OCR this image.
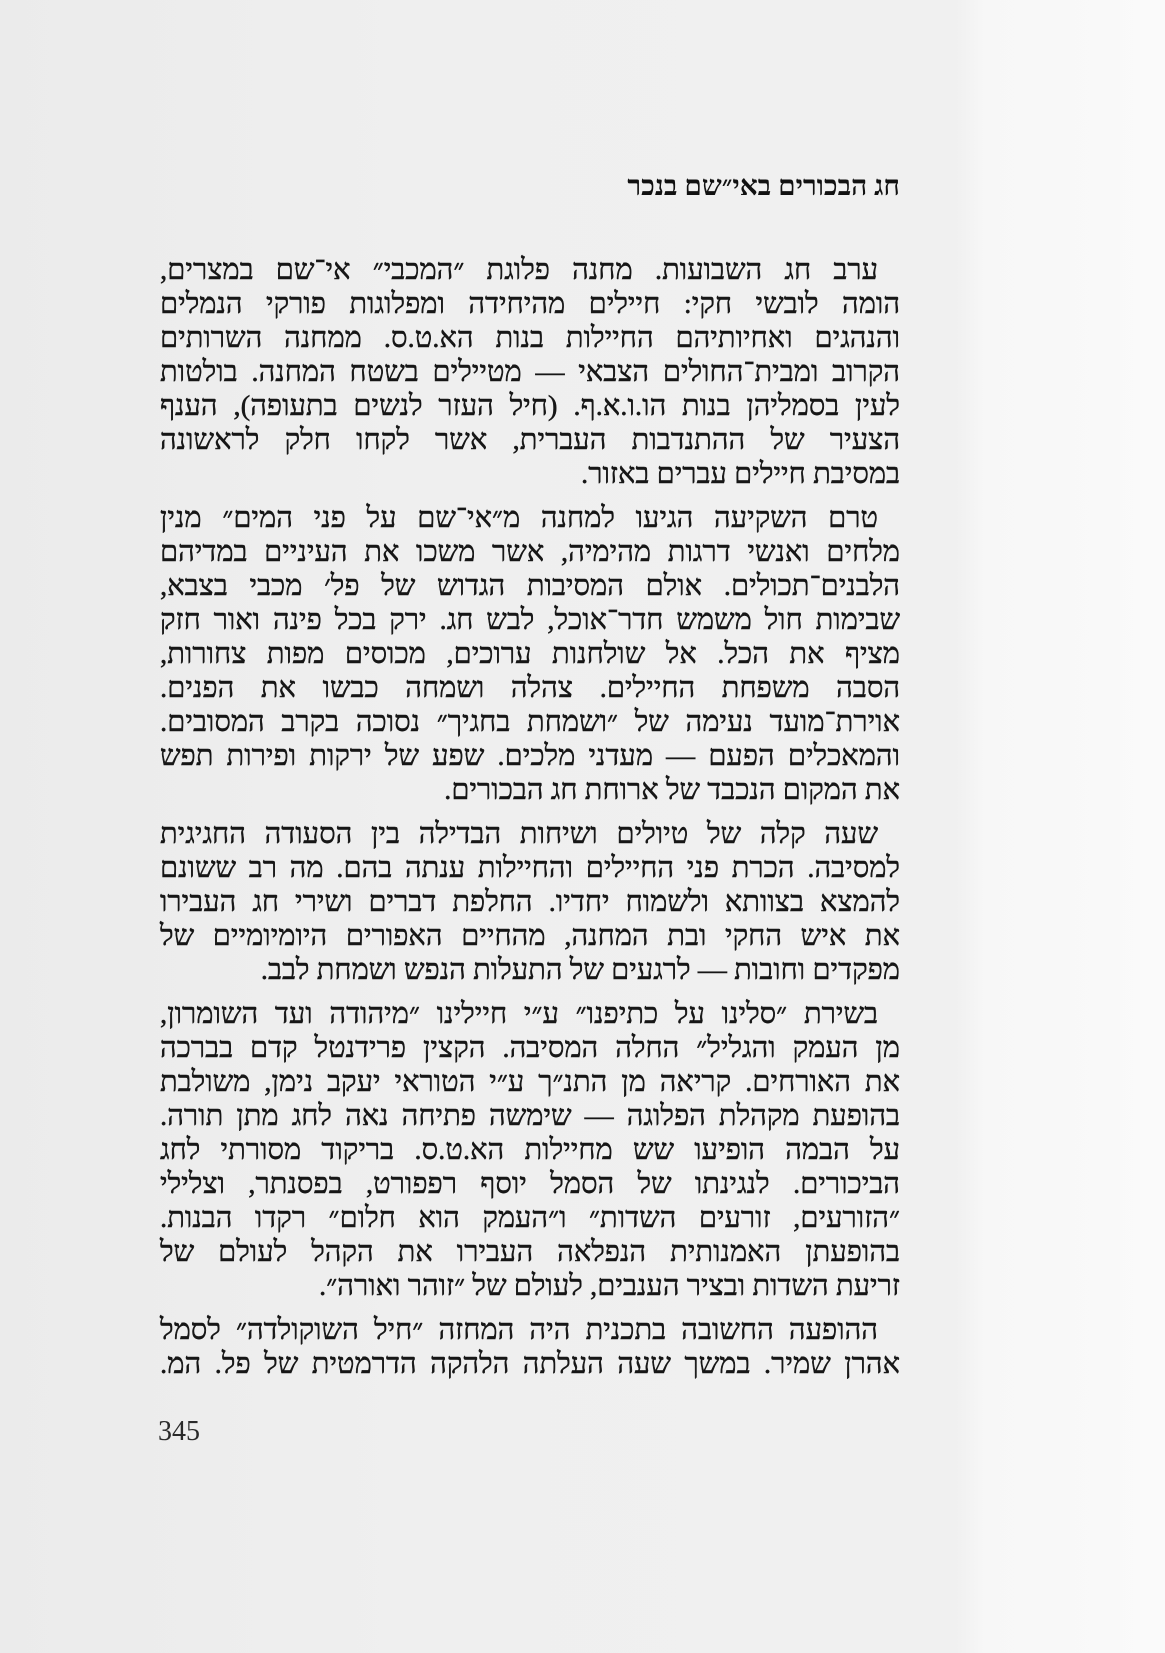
חג הבכורים באי״שם בנכר
ערב חג השבועות. מחנה פלוגת ״המכבי״ אי־שם במצרים,
הומה לובשי חקי: חיילים מהיחידה ומפלוגות פורקי הנמלים
והנהגים ואחיותיהם החיילות בנות הא.ט.ס. ממחנה השרותים
הקרוב ומבית־החולים הצבאי — מטיילים בשטח המחנה. בולטות
לעין בסמליהן בנות הו.ו.א.ף. (חיל העזר לנשים בתעופה), הענף
הצעיר של ההתנדבות העברית, אשר לקחו חלק לראשונה
במסיבת חיילים עברים באזור.
טרם השקיעה הגיעו למחנה מ״אי־שם על פני המים״ מנין
מלחים ואנשי דרגות מהימיה, אשר משכו את העיניים במדיהם
הלבנים־תכולים. אולם המסיבות הגדוש של פל׳ מכבי בצבא,
שבימות חול משמש חדר־אוכל, לבש חג. ירק בכל פינה ואור חזק
מציף את הכל. אל שולחנות ערוכים, מכוסים מפות צחורות,
הסבה משפחת החיילים. צהלה ושמחה כבשו את הפנים.
אוירת־מועד נעימה של ״ושמחת בחגיך״ נסוכה בקרב המסובים.
והמאכלים הפעם — מעדני מלכים. שפע של ירקות ופירות תפש
את המקום הנכבד של ארוחת חג הבכורים.
שעה קלה של טיולים ושיחות הבדילה בין הסעודה החגיגית
למסיבה. הכרת פני החיילים והחיילות ענתה בהם. מה רב ששונם
להמצא בצוותא ולשמוח יחדיו. החלפת דברים ושירי חג העבירו
את איש החקי ובת המחנה, מהחיים האפורים היומיומיים של
מפקדים וחובות — לרגעים של התעלות הנפש ושמחת לבב.
בשירת ״סלינו על כתיפנו״ ע״י חיילינו ״מיהודה ועד השומרון,
מן העמק והגליל״ החלה המסיבה. הקצין פרידנטל קדם בברכה
את האורחים. קריאה מן התנ״ך ע״י הטוראי יעקב נימן, משולבת
בהופעת מקהלת הפלוגה — שימשה פתיחה נאה לחג מתן תורה.
על הבמה הופיעו שש מחיילות הא.ט.ס. בריקוד מסורתי לחג
הביכורים. לנגינתו של הסמל יוסף רפפורט, בפסנתר, וצלילי
״הזורעים, זורעים השדות״ ו״העמק הוא חלום״ רקדו הבנות.
בהופעתן האמנותית הנפלאה העבירו את הקהל לעולם של
זריעת השדות ובציר הענבים, לעולם של ״זוהר ואורה״.
ההופעה החשובה בתכנית היה המחזה ״חיל השוקולדה״ לסמל
אהרן שמיר. במשך שעה העלתה הלהקה הדרמטית של פל. המ.
345
